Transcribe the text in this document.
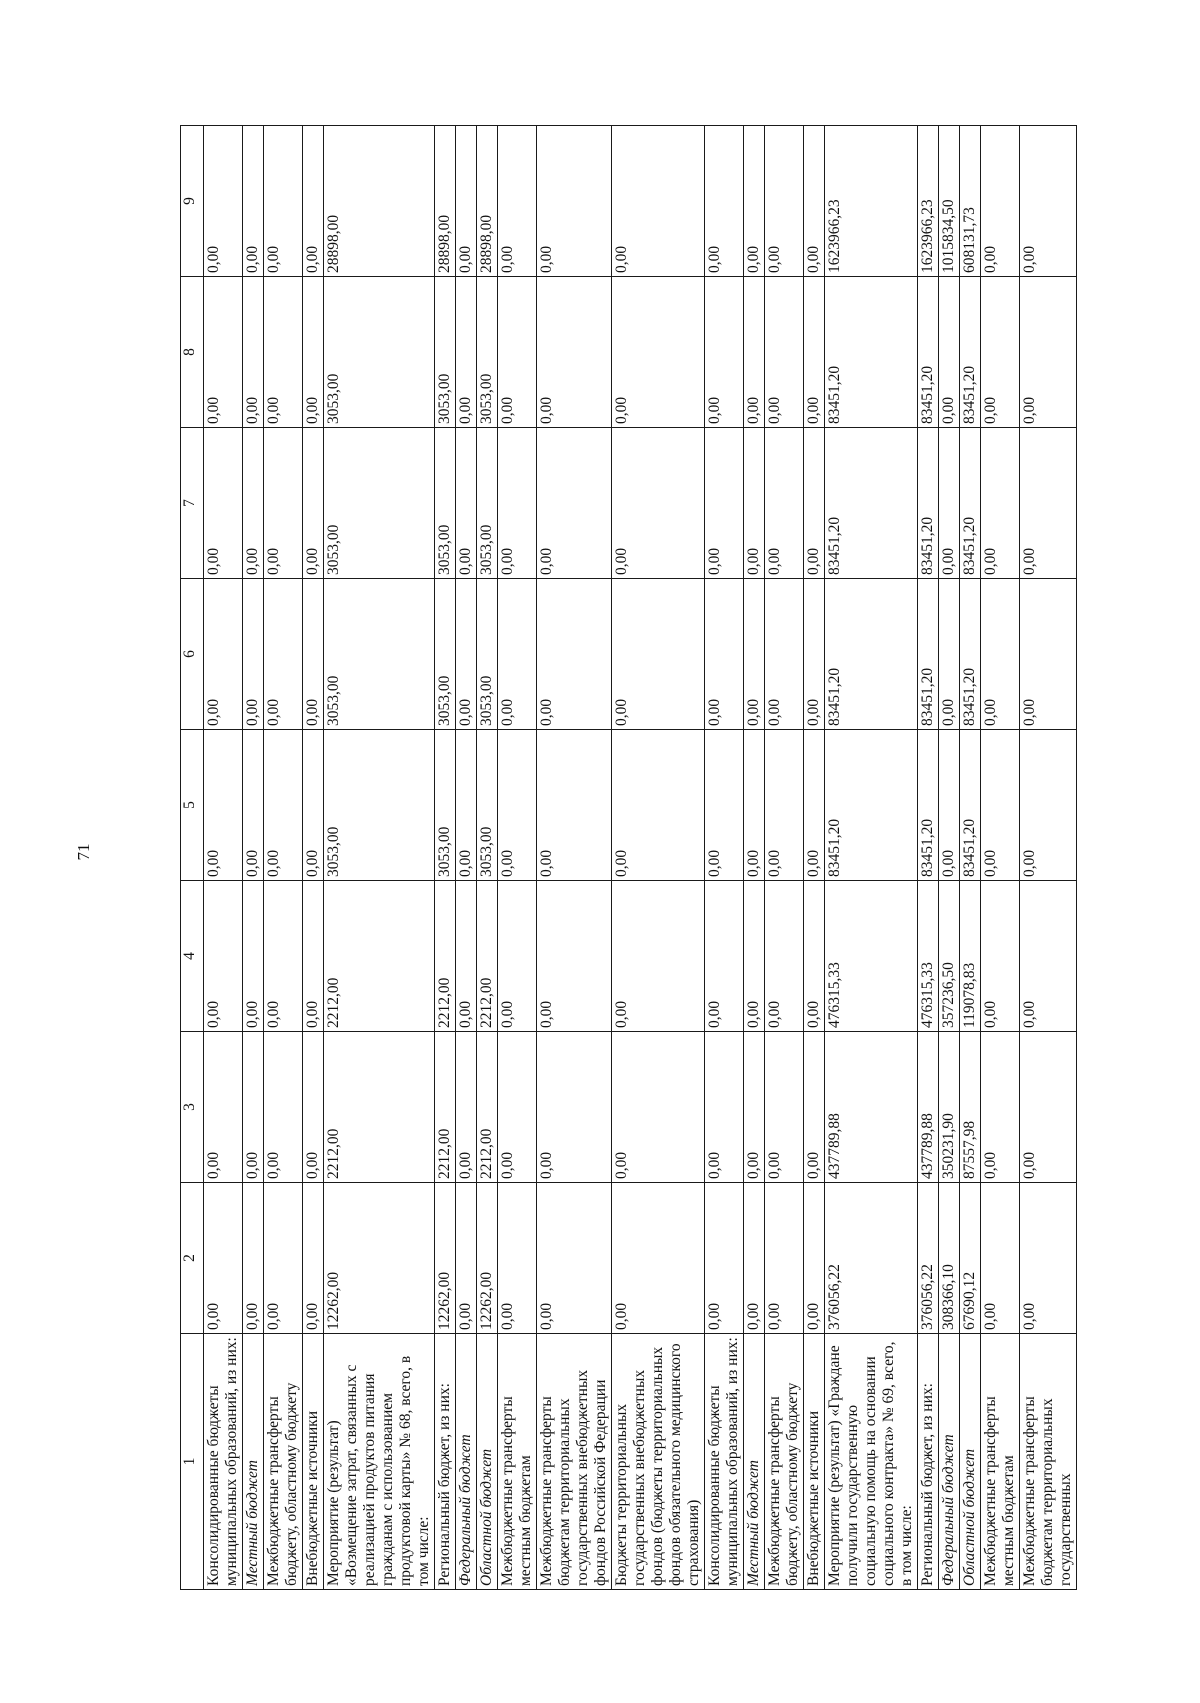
71
1	2	3	4	5	6	7	8	9
Консолидированные бюджеты муниципальных образований, из них:	0,00	0,00	0,00	0,00	0,00	0,00	0,00	0,00
Местный бюджет	0,00	0,00	0,00	0,00	0,00	0,00	0,00	0,00
Межбюджетные трансферты бюджету, областному бюджету	0,00	0,00	0,00	0,00	0,00	0,00	0,00	0,00
Внебюджетные источники	0,00	0,00	0,00	0,00	0,00	0,00	0,00	0,00
Мероприятие (результат) «Возмещение затрат, связанных с реализацией продуктов питания гражданам с использованием продуктовой карты» № 68, всего, в том числе:	12262,00	2212,00	2212,00	3053,00	3053,00	3053,00	3053,00	28898,00
Региональный бюджет, из них:	12262,00	2212,00	2212,00	3053,00	3053,00	3053,00	3053,00	28898,00
Федеральный бюджет	0,00	0,00	0,00	0,00	0,00	0,00	0,00	0,00
Областной бюджет	12262,00	2212,00	2212,00	3053,00	3053,00	3053,00	3053,00	28898,00
Межбюджетные трансферты местным бюджетам	0,00	0,00	0,00	0,00	0,00	0,00	0,00	0,00
Межбюджетные трансферты бюджетам территориальных государственных внебюджетных фондов Российской Федерации	0,00	0,00	0,00	0,00	0,00	0,00	0,00	0,00
Бюджеты территориальных государственных внебюджетных фондов (бюджеты территориальных фондов обязательного медицинского страхования)	0,00	0,00	0,00	0,00	0,00	0,00	0,00	0,00
Консолидированные бюджеты муниципальных образований, из них:	0,00	0,00	0,00	0,00	0,00	0,00	0,00	0,00
Местный бюджет	0,00	0,00	0,00	0,00	0,00	0,00	0,00	0,00
Межбюджетные трансферты бюджету, областному бюджету	0,00	0,00	0,00	0,00	0,00	0,00	0,00	0,00
Внебюджетные источники	0,00	0,00	0,00	0,00	0,00	0,00	0,00	0,00
Мероприятие (результат) «Граждане получили государственную социальную помощь на основании социального контракта» № 69, всего, в том числе:	376056,22	437789,88	476315,33	83451,20	83451,20	83451,20	83451,20	1623966,23
Региональный бюджет, из них:	376056,22	437789,88	476315,33	83451,20	83451,20	83451,20	83451,20	1623966,23
Федеральный бюджет	308366,10	350231,90	357236,50	0,00	0,00	0,00	0,00	1015834,50
Областной бюджет	67690,12	87557,98	119078,83	83451,20	83451,20	83451,20	83451,20	608131,73
Межбюджетные трансферты местным бюджетам	0,00	0,00	0,00	0,00	0,00	0,00	0,00	0,00
Межбюджетные трансферты бюджетам территориальных государственных	0,00	0,00	0,00	0,00	0,00	0,00	0,00	0,00
